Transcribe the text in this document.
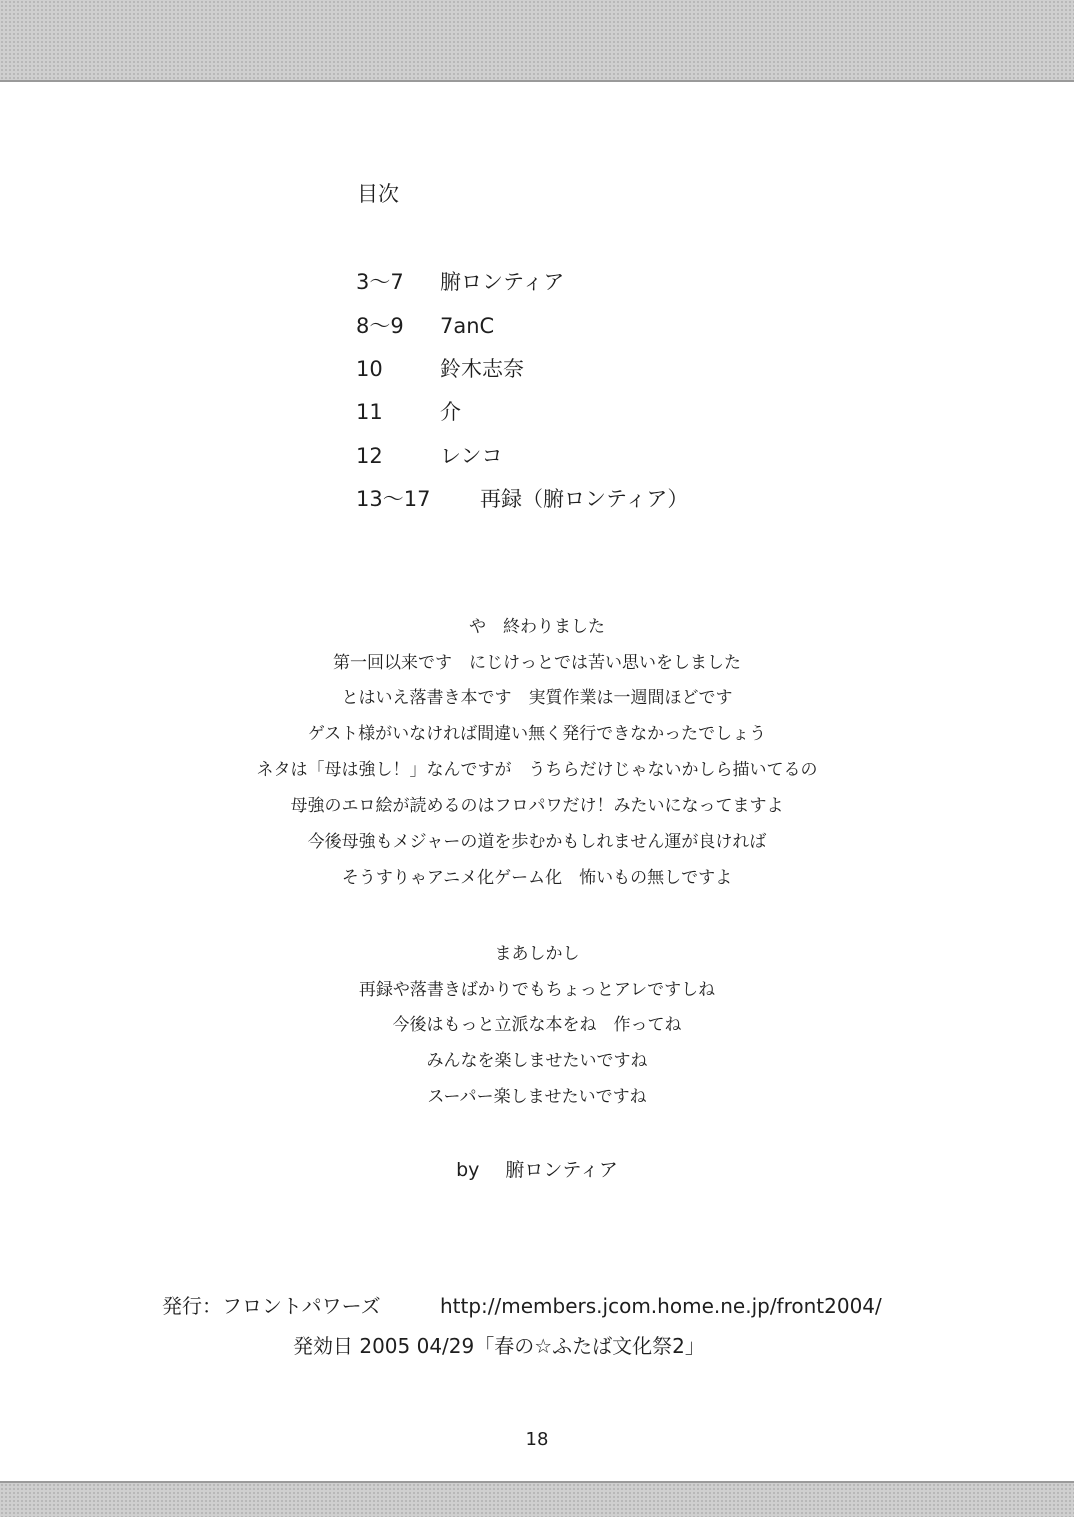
目次
3〜7 腑ロンティア
8〜9 7anC
10	鈴木志奈
11	介
12	レンコ
13〜17 再録（腑ロンティア）
や　終わりました
第一回以来です　にじけっとでは苦い思いをしました
とはいえ落書き本です　実質作業は一週間ほどです
ゲスト様がいなければ間違い無く発行できなかったでしょう
ネタは「母は強し！」なんですが　うちらだけじゃないかしら描いてるの
母強のエロ絵が読めるのはフロパワだけ！みたいになってますよ
今後母強もメジャーの道を歩むかもしれません運が良ければ
そうすりゃアニメ化ゲーム化　怖いもの無しですよ
まあしかし
再録や落書きばかりでもちょっとアレですしね
今後はもっと立派な本をね　作ってね
みんなを楽しませたいですね
スーパー楽しませたいですね
by 腑ロンティア
発行：フロントパワーズ	http://members.jcom.home.ne.jp/front2004/
発効日 2005 04/29「春の☆ふたば文化祭2」
18
